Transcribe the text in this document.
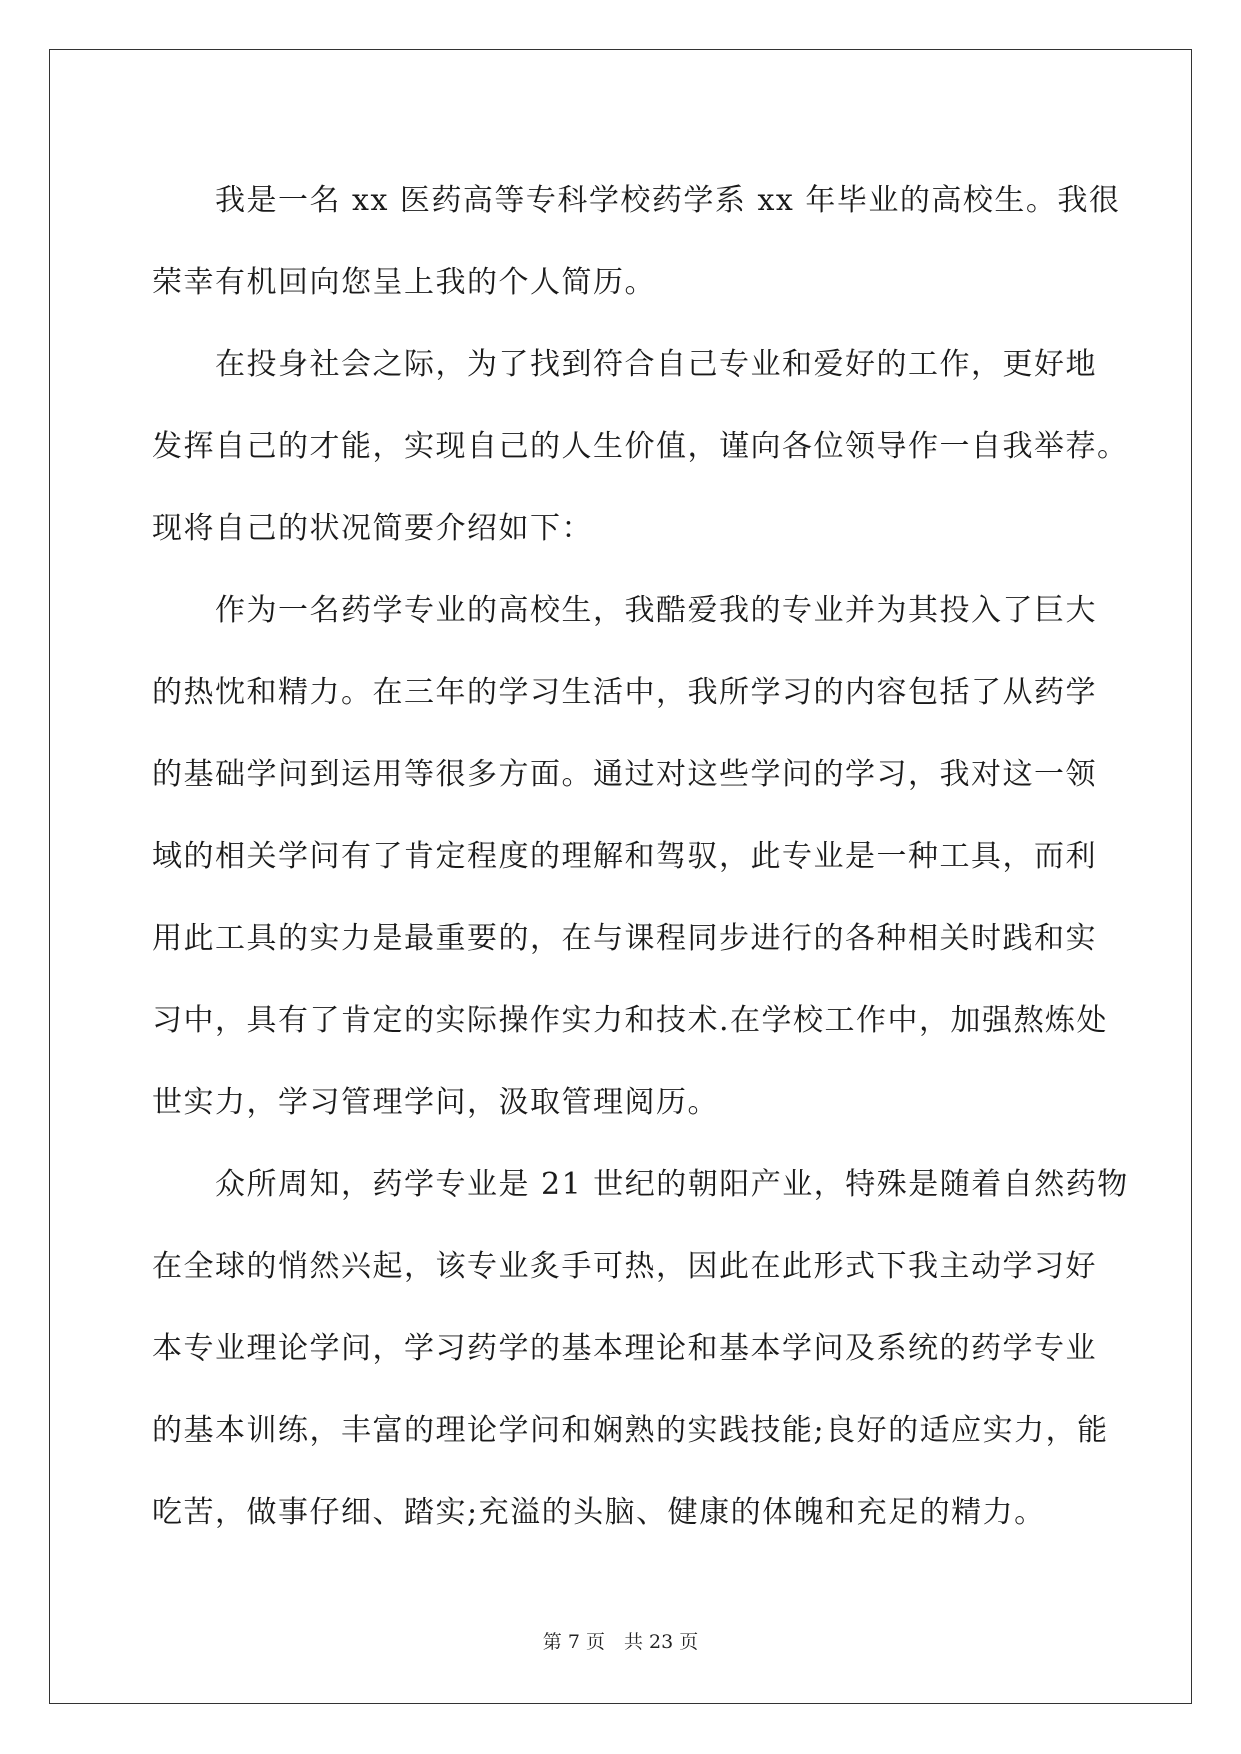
我是一名 xx 医药高等专科学校药学系 xx 年毕业的高校生。我很
荣幸有机回向您呈上我的个人简历。

在投身社会之际，为了找到符合自己专业和爱好的工作，更好地
发挥自己的才能，实现自己的人生价值，谨向各位领导作一自我举荐。
现将自己的状况简要介绍如下：

作为一名药学专业的高校生，我酷爱我的专业并为其投入了巨大
的热忱和精力。在三年的学习生活中，我所学习的内容包括了从药学
的基础学问到运用等很多方面。通过对这些学问的学习，我对这一领
域的相关学问有了肯定程度的理解和驾驭，此专业是一种工具，而利
用此工具的实力是最重要的，在与课程同步进行的各种相关时践和实
习中，具有了肯定的实际操作实力和技术.在学校工作中，加强熬炼处
世实力，学习管理学问，汲取管理阅历。

众所周知，药学专业是 21 世纪的朝阳产业，特殊是随着自然药物
在全球的悄然兴起，该专业炙手可热，因此在此形式下我主动学习好
本专业理论学问，学习药学的基本理论和基本学问及系统的药学专业
的基本训练，丰富的理论学问和娴熟的实践技能;良好的适应实力，能
吃苦，做事仔细、踏实;充溢的头脑、健康的体魄和充足的精力。

第 7 页　共 23 页
